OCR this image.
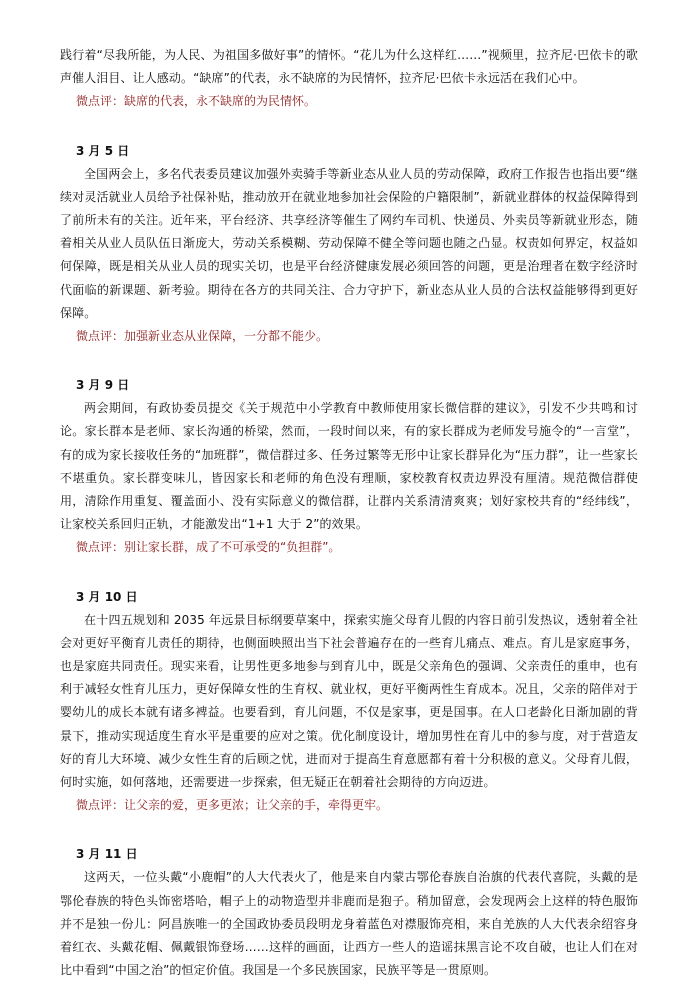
践行着“尽我所能，为人民、为祖国多做好事”的情怀。“花儿为什么这样红……”视频里，拉齐尼·巴依卡的歌声催人泪目、让人感动。“缺席”的代表，永不缺席的为民情怀，拉齐尼·巴依卡永远活在我们心中。

微点评：缺席的代表，永不缺席的为民情怀。

3 月 5 日

全国两会上，多名代表委员建议加强外卖骑手等新业态从业人员的劳动保障，政府工作报告也指出要“继续对灵活就业人员给予社保补贴，推动放开在就业地参加社会保险的户籍限制”，新就业群体的权益保障得到了前所未有的关注。近年来，平台经济、共享经济等催生了网约车司机、快递员、外卖员等新就业形态，随着相关从业人员队伍日渐庞大，劳动关系模糊、劳动保障不健全等问题也随之凸显。权责如何界定，权益如何保障，既是相关从业人员的现实关切，也是平台经济健康发展必须回答的问题，更是治理者在数字经济时代面临的新课题、新考验。期待在各方的共同关注、合力守护下，新业态从业人员的合法权益能够得到更好保障。

微点评：加强新业态从业保障，一分都不能少。

3 月 9 日

两会期间，有政协委员提交《关于规范中小学教育中教师使用家长微信群的建议》，引发不少共鸣和讨论。家长群本是老师、家长沟通的桥梁，然而，一段时间以来，有的家长群成为老师发号施令的“一言堂”，有的成为家长接收任务的“加班群”，微信群过多、任务过繁等无形中让家长群异化为“压力群”，让一些家长不堪重负。家长群变味儿，皆因家长和老师的角色没有理顺，家校教育权责边界没有厘清。规范微信群使用，清除作用重复、覆盖面小、没有实际意义的微信群，让群内关系清清爽爽；划好家校共育的“经纬线”，让家校关系回归正轨，才能激发出“1+1 大于 2”的效果。

微点评：别让家长群，成了不可承受的“负担群”。

3 月 10 日

在十四五规划和 2035 年远景目标纲要草案中，探索实施父母育儿假的内容日前引发热议，透射着全社会对更好平衡育儿责任的期待，也侧面映照出当下社会普遍存在的一些育儿痛点、难点。育儿是家庭事务，也是家庭共同责任。现实来看，让男性更多地参与到育儿中，既是父亲角色的强调、父亲责任的重申，也有利于减轻女性育儿压力，更好保障女性的生育权、就业权，更好平衡两性生育成本。况且，父亲的陪伴对于婴幼儿的成长本就有诸多裨益。也要看到，育儿问题，不仅是家事，更是国事。在人口老龄化日渐加剧的背景下，推动实现适度生育水平是重要的应对之策。优化制度设计，增加男性在育儿中的参与度，对于营造友好的育儿大环境、减少女性生育的后顾之忧，进而对于提高生育意愿都有着十分积极的意义。父母育儿假，何时实施，如何落地，还需要进一步探索，但无疑正在朝着社会期待的方向迈进。

微点评：让父亲的爱，更多更浓；让父亲的手，牵得更牢。

3 月 11 日

这两天，一位头戴“小鹿帽”的人大代表火了，他是来自内蒙古鄂伦春族自治旗的代表代喜院，头戴的是鄂伦春族的特色头饰密塔哈，帽子上的动物造型并非鹿而是狍子。稍加留意，会发现两会上这样的特色服饰并不是独一份儿：阿昌族唯一的全国政协委员段明龙身着蓝色对襟服饰亮相，来自羌族的人大代表余绍容身着红衣、头戴花帽、佩戴银饰登场……这样的画面，让西方一些人的造谣抹黑言论不攻自破，也让人们在对比中看到“中国之治”的恒定价值。我国是一个多民族国家，民族平等是一贯原则。
